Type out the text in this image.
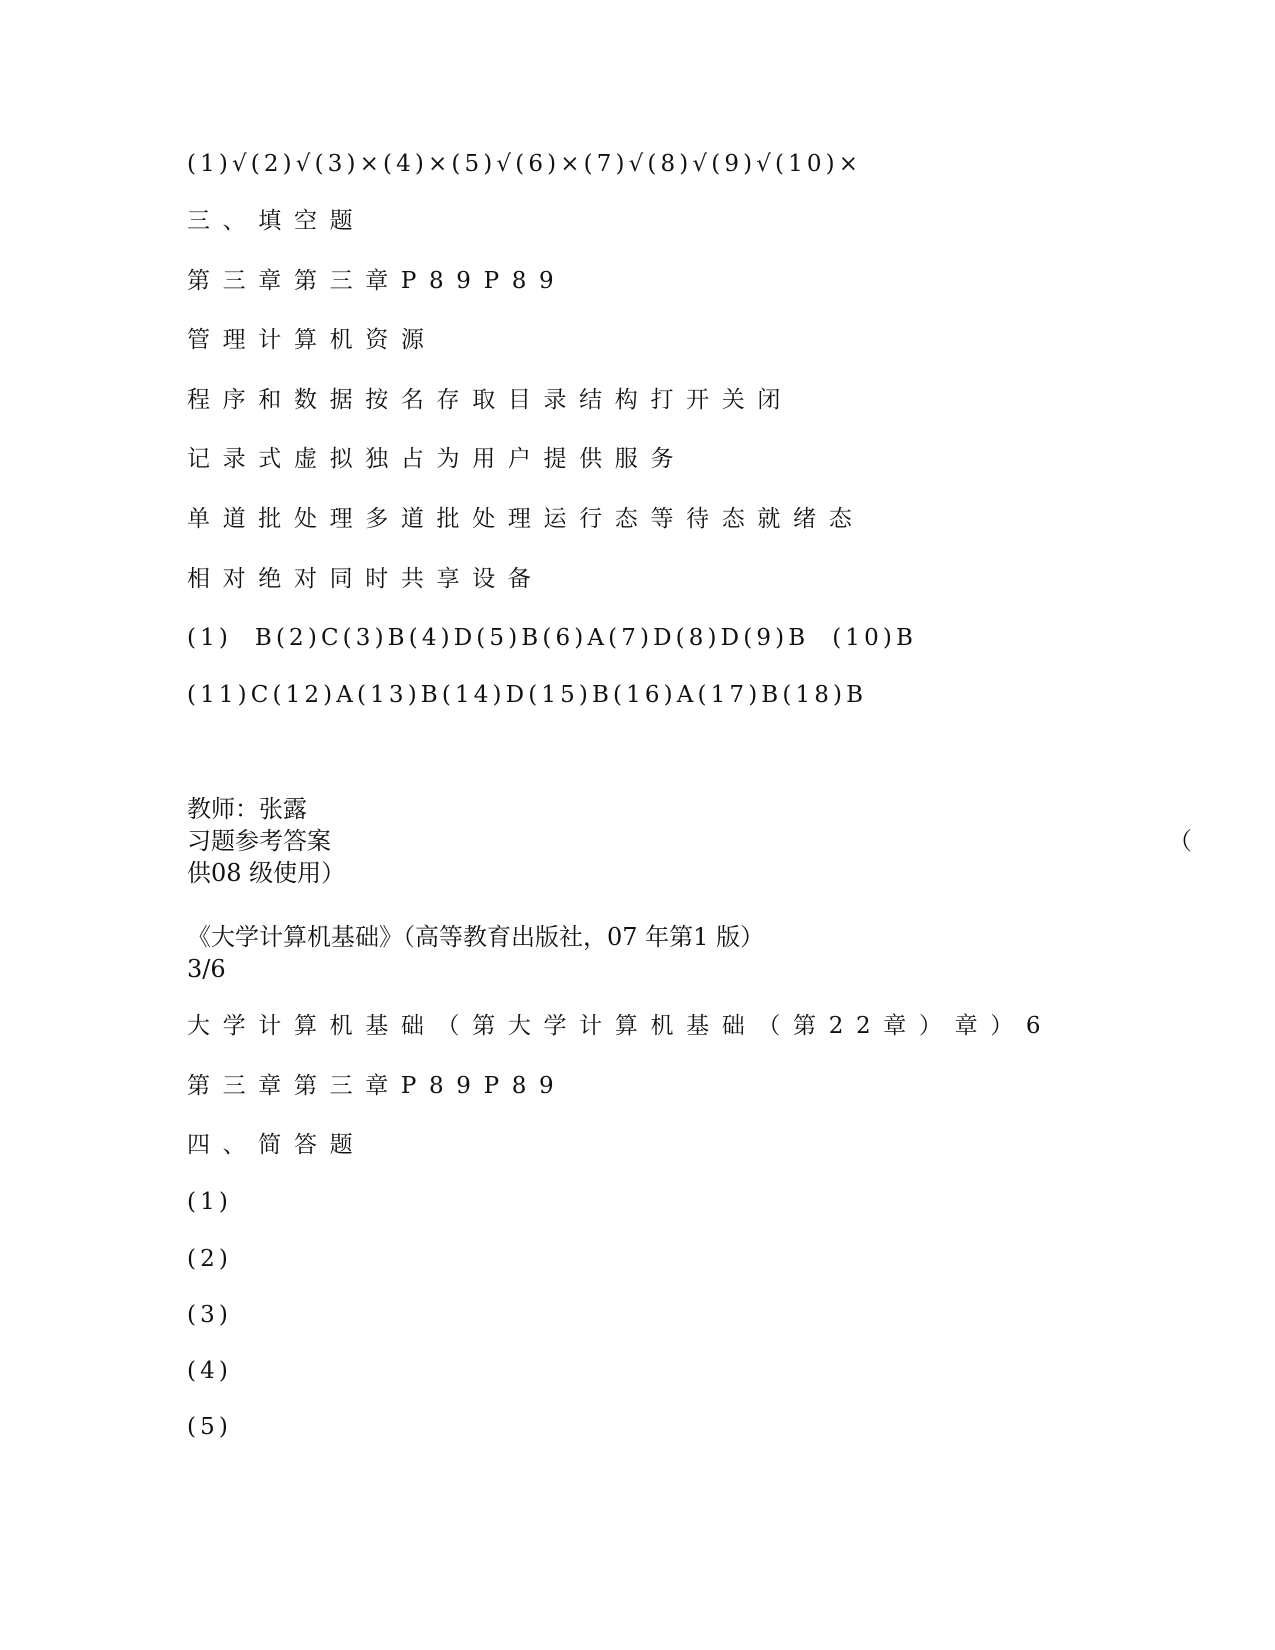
(1)√(2)√(3)×(4)×(5)√(6)×(7)√(8)√(9)√(10)×
三、填空题
第三章第三章P89P89
管理计算机资源
程序和数据按名存取目录结构打开关闭
记录式虚拟独占为用户提供服务
单道批处理多道批处理运行态等待态就绪态
相对绝对同时共享设备
(1)  B(2)C(3)B(4)D(5)B(6)A(7)D(8)D(9)B  (10)B
(11)C(12)A(13)B(14)D(15)B(16)A(17)B(18)B
教师：张露
习题参考答案	（
供08 级使用）
《大学计算机基础》（高等教育出版社，07 年第1 版）
3/6
大学计算机基础（第大学计算机基础（第22章）章）6
第三章第三章P89P89
四、简答题
(1)
(2)
(3)
(4)
(5)
